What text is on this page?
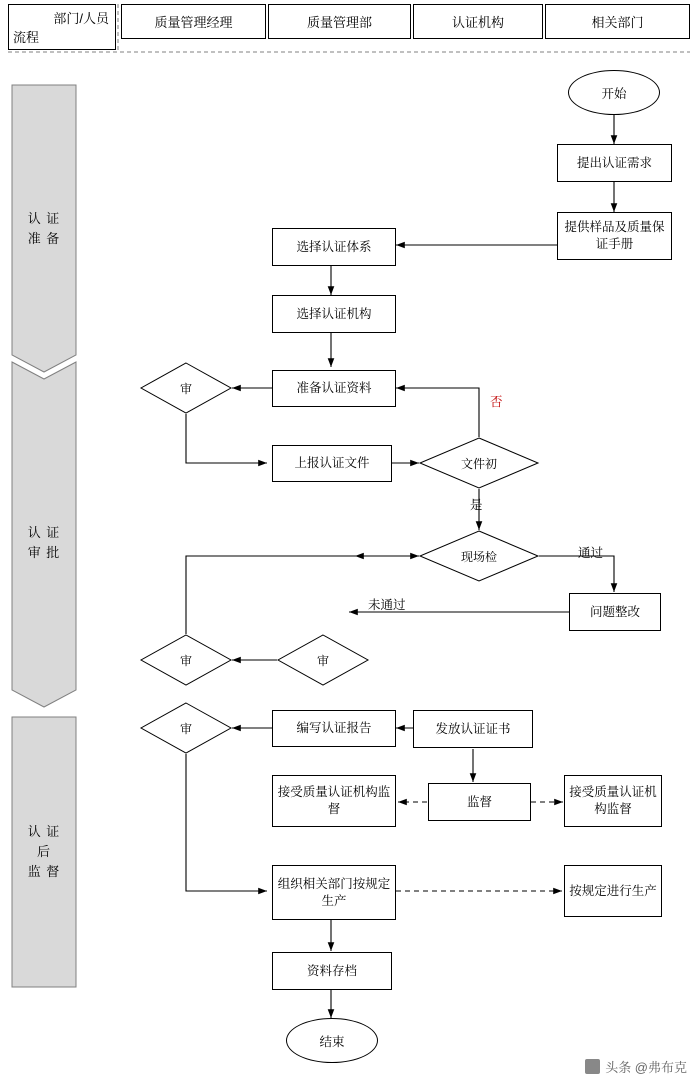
部门/人员
流程
质量管理经理	质量管理部	认证机构	相关部门
认 证
准 备
认 证
审 批
认 证
后
监 督
开始
提出认证需求
提供样品及质量保证手册
选择认证体系
选择认证机构
准备认证资料
上报认证文件
问题整改
编写认证报告	发放认证证书
接受质量认证机构监督
监督
接受质量认证机构监督
组织相关部门按规定生产
按规定进行生产
资料存档
结束
审
文件初
现场检
审
审
审
否
是
通过
未通过
头条 @弗布克
